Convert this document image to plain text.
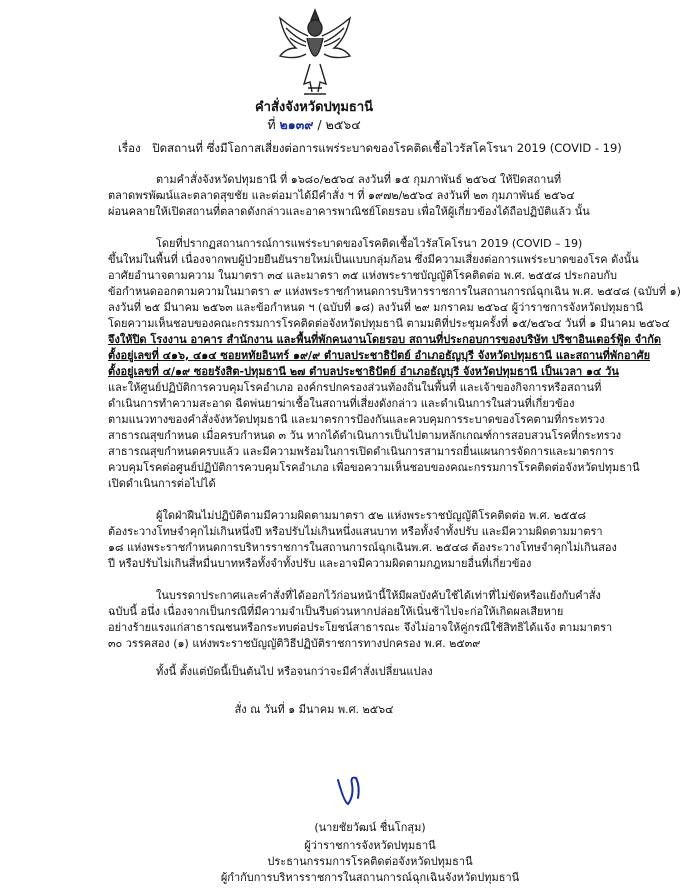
คำสั่งจังหวัดปทุมธานี
ที่ ๒๑๓๙ / ๒๕๖๔
เรื่อง ปิดสถานที่ ซึ่งมีโอกาสเสี่ยงต่อการแพร่ระบาดของโรคติดเชื้อไวรัสโคโรนา 2019 (COVID - 19)
ตามคำสั่งจังหวัดปทุมธานี ที่ ๑๖๘๐/๒๕๖๔ ลงวันที่ ๑๕ กุมภาพันธ์ ๒๕๖๔ ให้ปิดสถานที่
ตลาดพรพัฒน์และตลาดสุขชัย และต่อมาได้มีคำสั่ง ฯ ที่ ๑๙๗๒/๒๕๖๔ ลงวันที่ ๒๓ กุมภาพันธ์ ๒๕๖๔
ผ่อนคลายให้เปิดสถานที่ตลาดดังกล่าวและอาคารพาณิชย์โดยรอบ เพื่อให้ผู้เกี่ยวข้องได้ถือปฏิบัติแล้ว นั้น
โดยที่ปรากฏสถานการณ์การแพร่ระบาดของโรคติดเชื้อไวรัสโคโรนา 2019 (COVID – 19)
ขึ้นใหม่ในพื้นที่ เนื่องจากพบผู้ป่วยยืนยันรายใหม่เป็นแบบกลุ่มก้อน ซึ่งมีความเสี่ยงต่อการแพร่ระบาดของโรค ดังนั้น
อาศัยอำนาจตามความ ในมาตรา ๓๔ และมาตรา ๓๕ แห่งพระราชบัญญัติโรคติดต่อ พ.ศ. ๒๕๕๘ ประกอบกับ
ข้อกำหนดออกตามความในมาตรา ๙ แห่งพระราชกำหนดการบริหารราชการในสถานการณ์ฉุกเฉิน พ.ศ. ๒๕๔๘ (ฉบับที่ ๑)
ลงวันที่ ๒๕ มีนาคม ๒๕๖๓ และข้อกำหนด ฯ (ฉบับที่ ๑๘) ลงวันที่ ๒๙ มกราคม ๒๕๖๔ ผู้ว่าราชการจังหวัดปทุมธานี
โดยความเห็นชอบของคณะกรรมการโรคติดต่อจังหวัดปทุมธานี ตามมติที่ประชุมครั้งที่ ๑๕/๒๕๖๔ วันที่ ๑ มีนาคม ๒๕๖๔
จึงให้ปิด โรงงาน อาคาร สำนักงาน และพื้นที่พักคนงานโดยรอบ สถานที่ประกอบการของบริษัท ปริชาอินเตอร์ฟู้ด จำกัด
ตั้งอยู่เลขที่ ๔๑๖, ๔๑๔ ซอยหทัยอินทร์ ๑๙/๙ ตำบลประชาธิปัตย์ อำเภอธัญบุรี จังหวัดปทุมธานี และสถานที่พักอาศัย
ตั้งอยู่เลขที่ ๔/๑๙ ซอยรังสิต-ปทุมธานี ๒๗ ตำบลประชาธิปัตย์ อำเภอธัญบุรี จังหวัดปทุมธานี เป็นเวลา ๑๔ วัน
และให้ศูนย์ปฏิบัติการควบคุมโรคอำเภอ องค์กรปกครองส่วนท้องถิ่นในพื้นที่ และเจ้าของกิจการหรือสถานที่
ดำเนินการทำความสะอาด ฉีดพ่นยาฆ่าเชื้อในสถานที่เสี่ยงดังกล่าว และดำเนินการในส่วนที่เกี่ยวข้อง
ตามแนวทางของคำสั่งจังหวัดปทุมธานี และมาตรการป้องกันและควบคุมการระบาดของโรคตามที่กระทรวง
สาธารณสุขกำหนด เมื่อครบกำหนด ๓ วัน หากได้ดำเนินการเป็นไปตามหลักเกณฑ์การสอบสวนโรคที่กระทรวง
สาธารณสุขกำหนดครบแล้ว และมีความพร้อมในการเปิดดำเนินการสามารถยื่นแผนการจัดการและมาตรการ
ควบคุมโรคต่อศูนย์ปฏิบัติการควบคุมโรคอำเภอ เพื่อขอความเห็นชอบของคณะกรรมการโรคติดต่อจังหวัดปทุมธานี
เปิดดำเนินการต่อไปได้
ผู้ใดฝ่าฝืนไม่ปฏิบัติตามมีความผิดตามมาตรา ๕๒ แห่งพระราชบัญญัติโรคติดต่อ พ.ศ. ๒๕๕๘
ต้องระวางโทษจำคุกไม่เกินหนึ่งปี หรือปรับไม่เกินหนึ่งแสนบาท หรือทั้งจำทั้งปรับ และมีความผิดตามมาตรา
๑๘ แห่งพระราชกำหนดการบริหารราชการในสถานการณ์ฉุกเฉินพ.ศ. ๒๕๔๘ ต้องระวางโทษจำคุกไม่เกินสอง
ปี หรือปรับไม่เกินสี่หมื่นบาทหรือทั้งจำทั้งปรับ และอาจมีความผิดตามกฎหมายอื่นที่เกี่ยวข้อง
ในบรรดาประกาศและคำสั่งที่ได้ออกไว้ก่อนหน้านี้ให้มีผลบังคับใช้ได้เท่าที่ไม่ขัดหรือแย้งกับคำสั่ง
ฉบับนี้ อนึ่ง เนื่องจากเป็นกรณีที่มีความจำเป็นรีบด่วนหากปล่อยให้เนิ่นช้าไปจะก่อให้เกิดผลเสียหาย
อย่างร้ายแรงแก่สาธารณชนหรือกระทบต่อประโยชน์สาธารณะ จึงไม่อาจให้คู่กรณีใช้สิทธิได้แจ้ง ตามมาตรา
๓๐ วรรคสอง (๑) แห่งพระราชบัญญัติวิธีปฏิบัติราชการทางปกครอง พ.ศ. ๒๕๓๙
ทั้งนี้ ตั้งแต่บัดนี้เป็นต้นไป หรือจนกว่าจะมีคำสั่งเปลี่ยนแปลง
สั่ง ณ วันที่ ๑ มีนาคม พ.ศ. ๒๕๖๔
(นายชัยวัฒน์ ชื่นโกสุม)
ผู้ว่าราชการจังหวัดปทุมธานี
ประธานกรรมการโรคติดต่อจังหวัดปทุมธานี
ผู้กำกับการบริหารราชการในสถานการณ์ฉุกเฉินจังหวัดปทุมธานี
